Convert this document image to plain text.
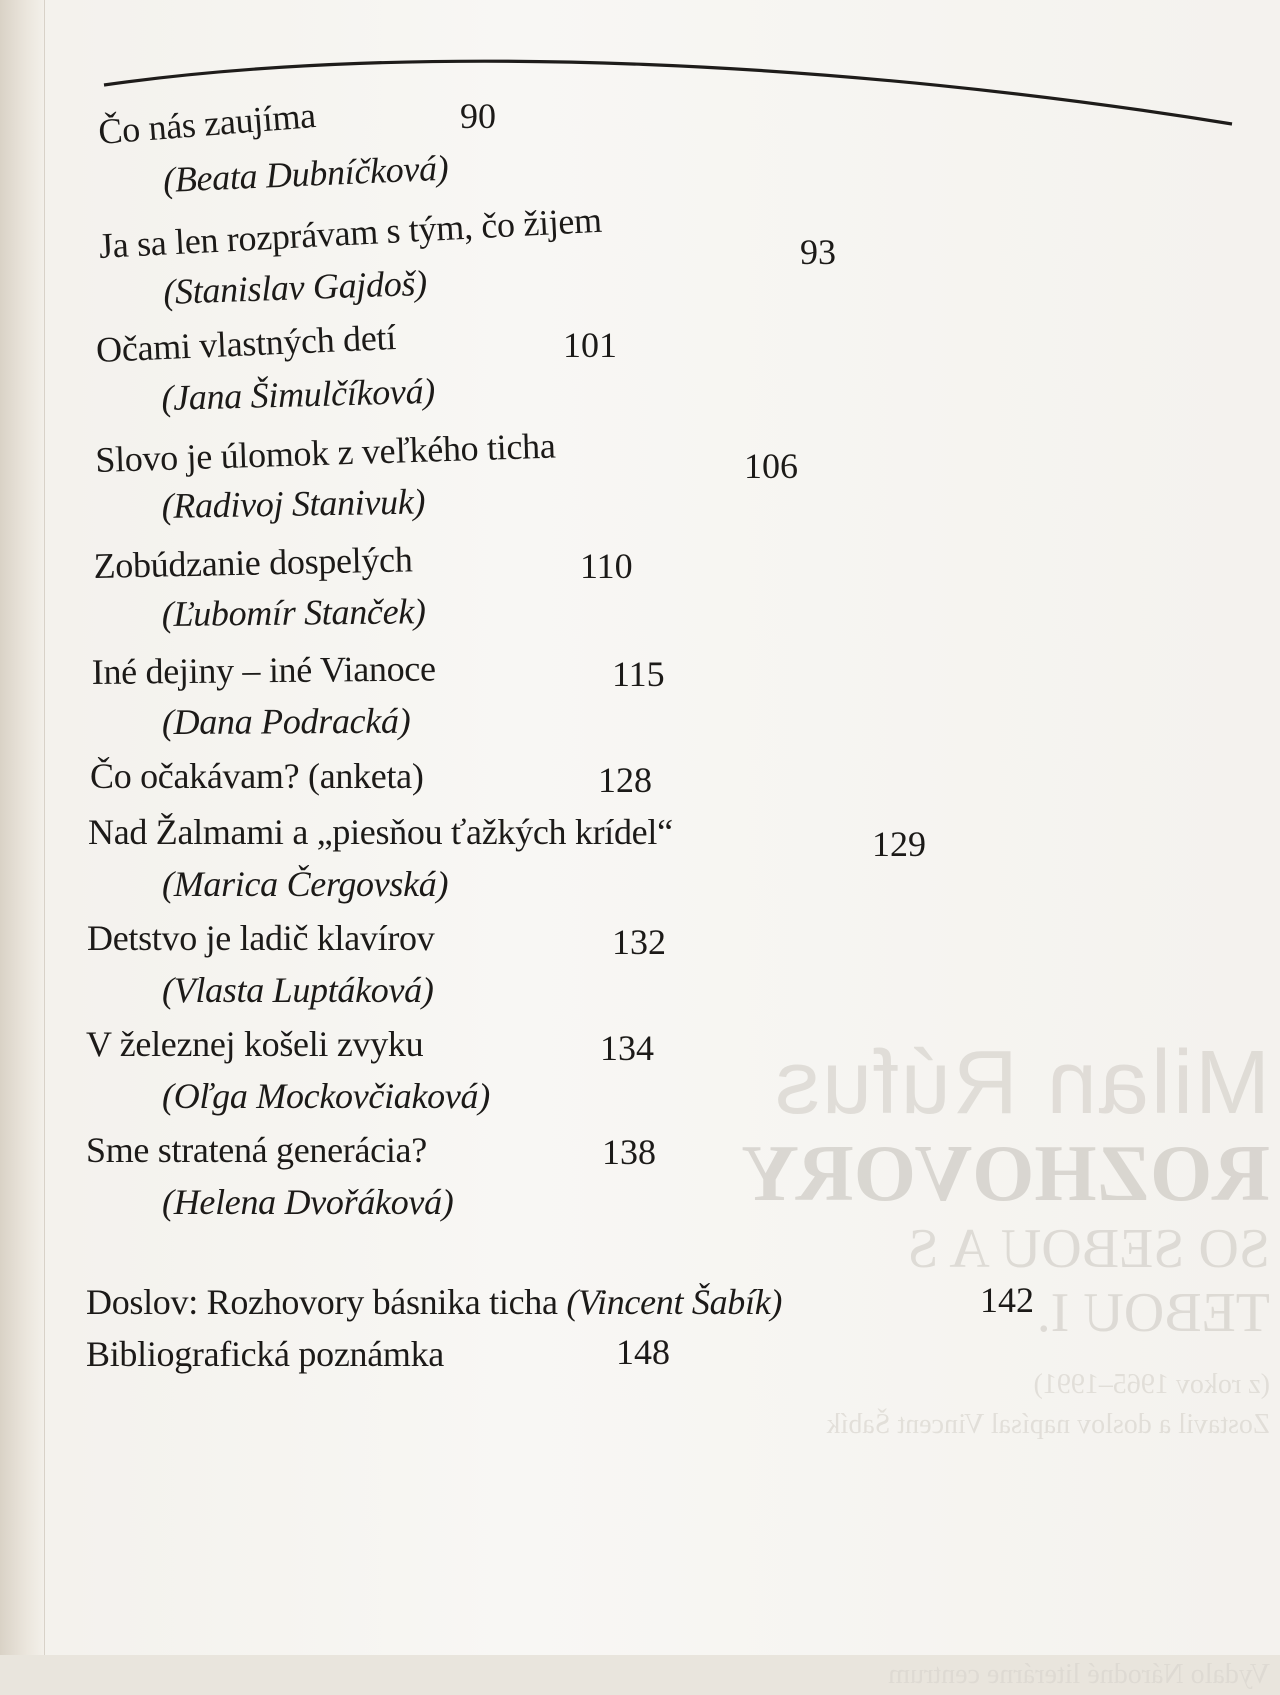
Milan Rúfus
ROZHOVORY
SO SEBOU A S TEBOU I.
(z rokov 1965–1991)
Zostavil a doslov napísal Vincent Šabík
Vydalo Národné literárne centrum
Čo nás zaujíma	90
(Beata Dubníčková)
Ja sa len rozprávam s tým, čo žijem	93
(Stanislav Gajdoš)
Očami vlastných detí	101
(Jana Šimulčíková)
Slovo je úlomok z veľkého ticha	106
(Radivoj Stanivuk)
Zobúdzanie dospelých	110
(Ľubomír Stanček)
Iné dejiny – iné Vianoce	115
(Dana Podracká)
Čo očakávam? (anketa)	128
Nad Žalmami a „piesňou ťažkých krídel“	129
(Marica Čergovská)
Detstvo je ladič klavírov	132
(Vlasta Luptáková)
V železnej košeli zvyku	134
(Oľga Mockovčiaková)
Sme stratená generácia?	138
(Helena Dvořáková)
Doslov: Rozhovory básnika ticha (Vincent Šabík)	142
Bibliografická poznámka	148
